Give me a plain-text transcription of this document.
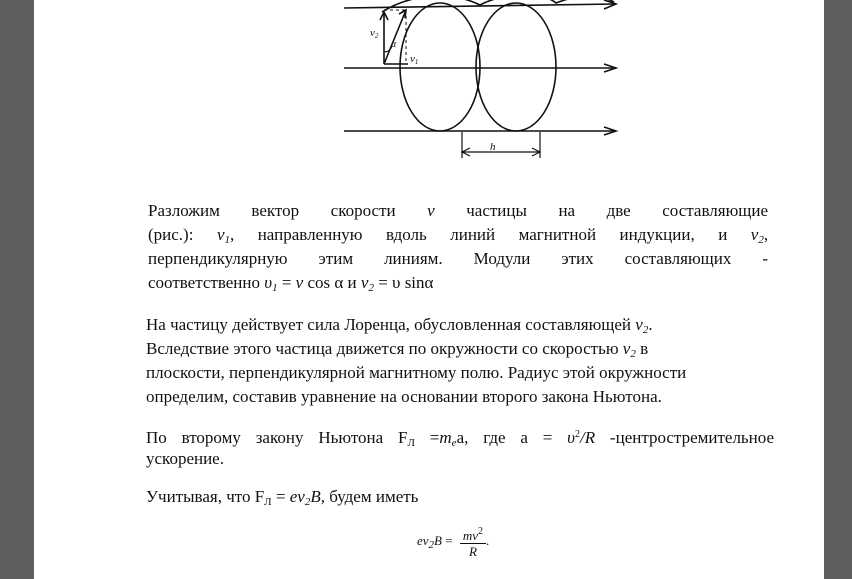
v2
v1
α
h
Разложим вектор скорости v частицы на две составляющие
(рис.): $v_1$, направленную вдоль линий магнитной индукции, и $v_2$,
перпендикулярную этим линиям. Модули этих составляющих -
соответственно $\upsilon_1 = v$ cos α и $v_2 = \upsilon$ sinα
На частицу действует сила Лоренца, обусловленная составляющей $v_2$.
Вследствие этого частица движется по окружности со скоростью $v_2$ в
плоскости, перпендикулярной магнитному полю. Радиус этой окружности
определим, составив уравнение на основании второго закона Ньютона.
По второму закону Ньютона $F_Л =m_ea$, где $a = \upsilon^2/R$ -центростремительное
ускорение.
Учитывая, что $F_Л = ev_2B$, будем иметь
$ev_2B = \frac{mv^2}{R}$ .
